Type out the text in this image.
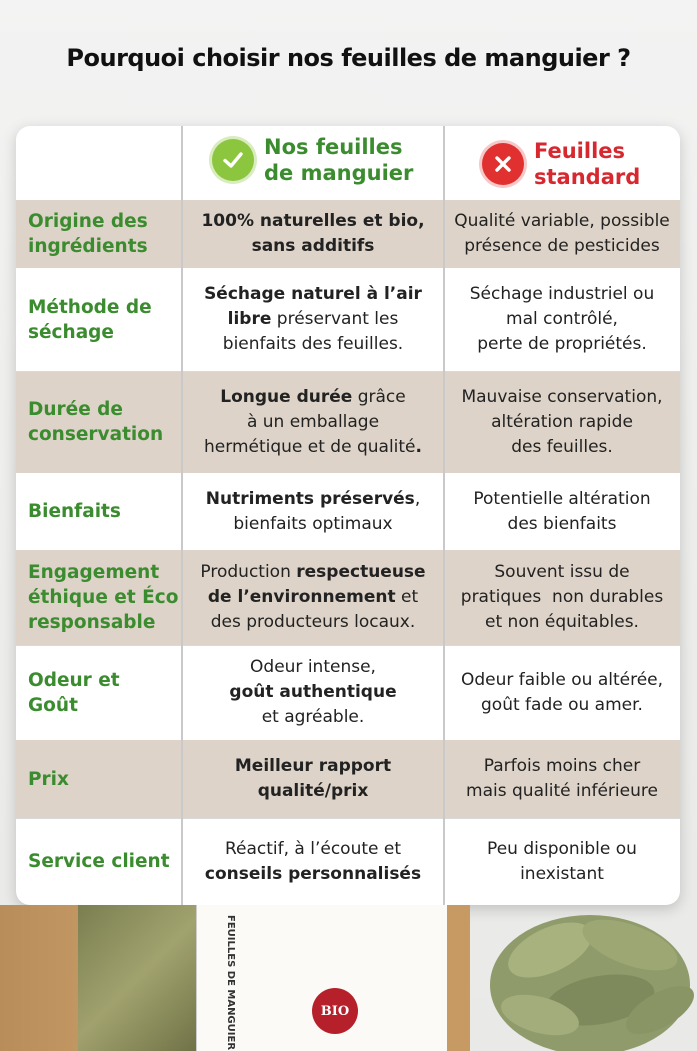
Pourquoi choisir nos feuilles de manguier ?
Nos feuilles
de manguier
Feuilles
standard
Origine des
ingrédients
100% naturelles et bio,
sans additifs
Qualité variable, possible
présence de pesticides
Méthode de
séchage
Séchage naturel à l’air
libre préservant les
bienfaits des feuilles.
Séchage industriel ou
mal contrôlé,
perte de propriétés.
Durée de
conservation
Longue durée grâce
à un emballage
hermétique et de qualité.
Mauvaise conservation,
altération rapide
des feuilles.
Bienfaits
Nutriments préservés,
bienfaits optimaux
Potentielle altération
des bienfaits
Engagement
éthique et Éco
responsable
Production respectueuse
de l’environnement et
des producteurs locaux.
Souvent issu de
pratiques  non durables
et non équitables.
Odeur et
Goût
Odeur intense,
goût authentique
et agréable.
Odeur faible ou altérée,
goût fade ou amer.
Prix
Meilleur rapport
qualité/prix
Parfois moins cher
mais qualité inférieure
Service client
Réactif, à l’écoute et
conseils personnalisés
Peu disponible ou
inexistant
FEUILLES DE MANGUIER	BIO
